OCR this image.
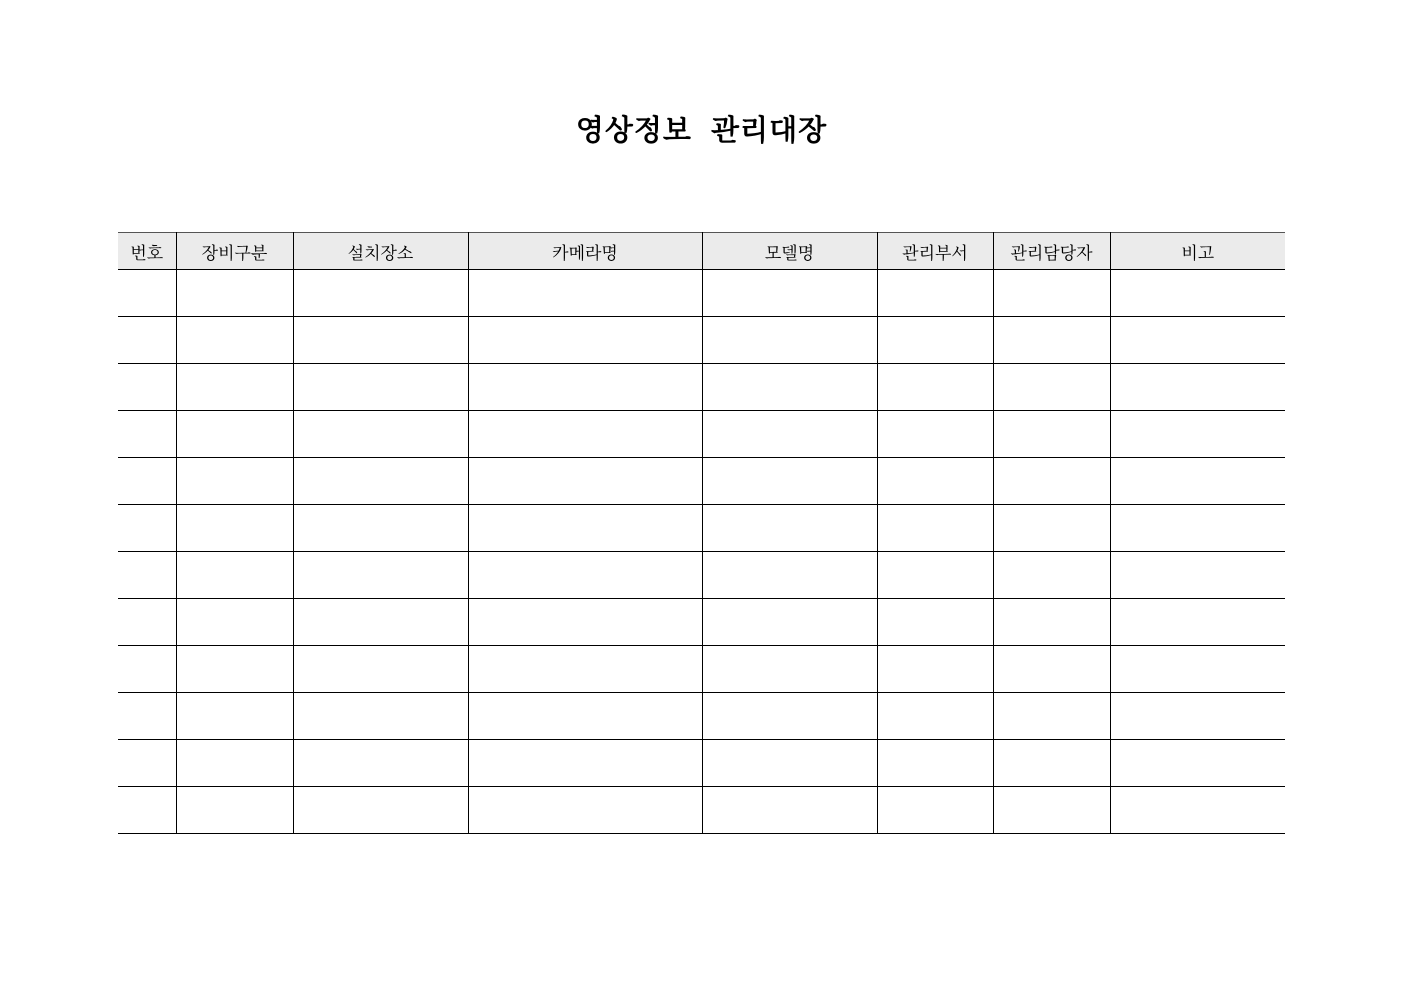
영상정보 관리대장
번호	장비구분	설치장소	카메라명	모델명	관리부서	관리담당자	비고
